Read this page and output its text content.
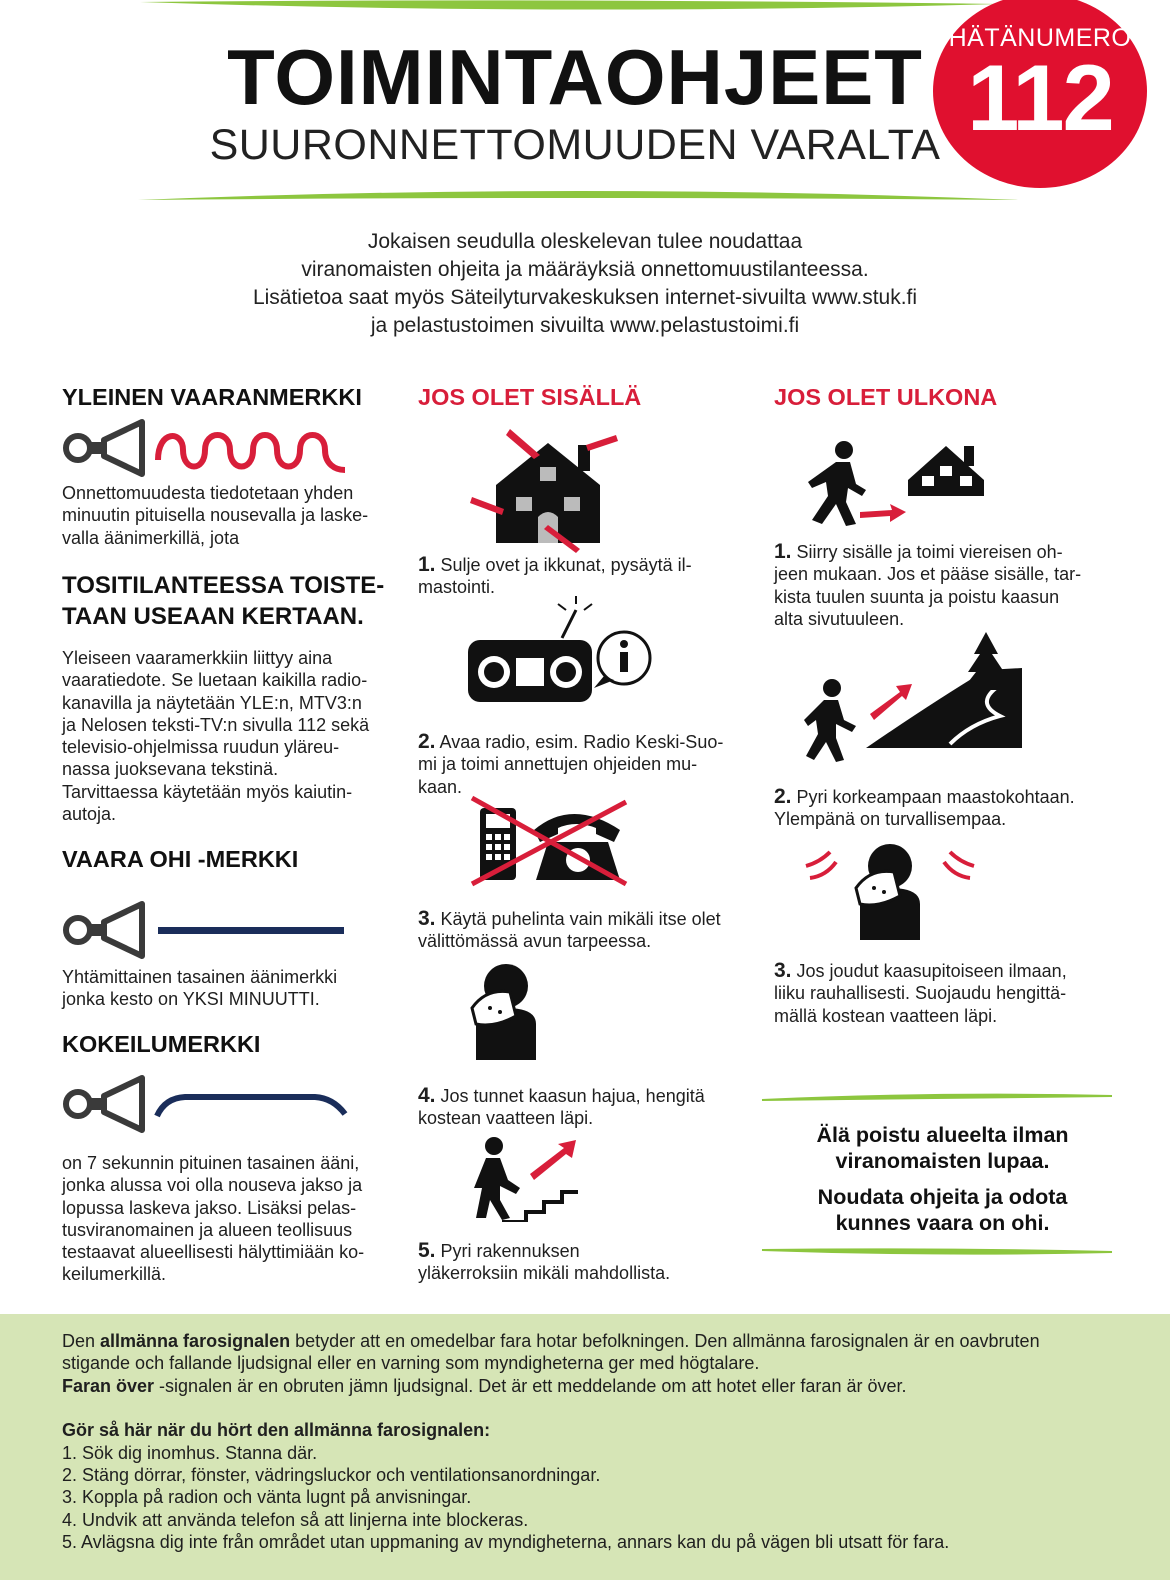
TOIMINTAOHJEET
SUURONNETTOMUUDEN VARALTA
HÄTÄNUMERO
112
Jokaisen seudulla oleskelevan tulee noudattaa
viranomaisten ohjeita ja määräyksiä onnettomuustilanteessa.
Lisätietoa saat myös Säteilyturvakeskuksen internet-sivuilta www.stuk.fi
ja pelastustoimen sivuilta www.pelastustoimi.fi
YLEINEN VAARANMERKKI
Onnettomuudesta tiedotetaan yhden
minuutin pituisella nousevalla ja laske-
valla äänimerkillä, jota
TOSITILANTEESSA TOISTE-
TAAN USEAAN KERTAAN.
Yleiseen vaaramerkkiin liittyy aina
vaaratiedote. Se luetaan kaikilla radio-
kanavilla ja näytetään YLE:n, MTV3:n
ja Nelosen teksti-TV:n sivulla 112 sekä
televisio-ohjelmissa ruudun yläreu-
nassa juoksevana tekstinä.
Tarvittaessa käytetään myös kaiutin-
autoja.
VAARA OHI -MERKKI
Yhtämittainen tasainen äänimerkki
jonka kesto on YKSI MINUUTTI.
KOKEILUMERKKI
on 7 sekunnin pituinen tasainen ääni,
jonka alussa voi olla nouseva jakso ja
lopussa laskeva jakso. Lisäksi pelas-
tusviranomainen ja alueen teollisuus
testaavat alueellisesti hälyttimiään ko-
keilumerkillä.
JOS OLET SISÄLLÄ
1. Sulje ovet ja ikkunat, pysäytä il-
mastointi.
2. Avaa radio, esim. Radio Keski-Suo-
mi ja toimi annettujen ohjeiden mu-
kaan.
3. Käytä puhelinta vain mikäli itse olet
välittömässä avun tarpeessa.
4. Jos tunnet kaasun hajua, hengitä
kostean vaatteen läpi.
5. Pyri rakennuksen
yläkerroksiin mikäli mahdollista.
JOS OLET ULKONA
1. Siirry sisälle ja toimi viereisen oh-
jeen mukaan. Jos et pääse sisälle, tar-
kista tuulen suunta ja poistu kaasun
alta sivutuuleen.
2. Pyri korkeampaan maastokohtaan.
Ylempänä on turvallisempaa.
3. Jos joudut kaasupitoiseen ilmaan,
liiku rauhallisesti. Suojaudu hengittä-
mällä kostean vaatteen läpi.
Älä poistu alueelta ilman
viranomaisten lupaa.
Noudata ohjeita ja odota
kunnes vaara on ohi.
Den allmänna farosignalen betyder att en omedelbar fara hotar befolkningen. Den allmänna farosignalen är en oavbruten
stigande och fallande ljudsignal eller en varning som myndigheterna ger med högtalare.
Faran över -signalen är en obruten jämn ljudsignal. Det är ett meddelande om att hotet eller faran är över.
Gör så här när du hört den allmänna farosignalen:
1. Sök dig inomhus. Stanna där.
2. Stäng dörrar, fönster, vädringsluckor och ventilationsanordningar.
3. Koppla på radion och vänta lugnt på anvisningar.
4. Undvik att använda telefon så att linjerna inte blockeras.
5. Avlägsna dig inte från området utan uppmaning av myndigheterna, annars kan du på vägen bli utsatt för fara.
